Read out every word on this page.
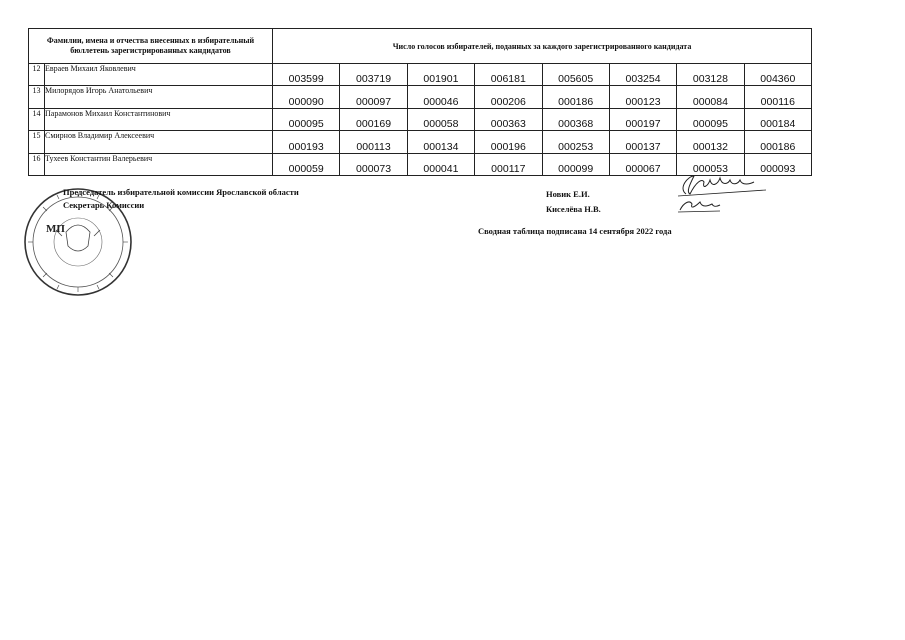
Фамилии, имена и отчества внесенных в избирательный бюллетень зарегистрированных кандидатов		Число голосов избирателей, поданных за каждого зарегистрированного кандидата							
12	Евраев Михаил Яковлевич	003599	003719	001901	006181	005605	003254	003128	004360
13	Милорядов Игорь Анатольевич	000090	000097	000046	000206	000186	000123	000084	000116
14	Парамонов Михаил Константинович	000095	000169	000058	000363	000368	000197	000095	000184
15	Смирнов Владимир Алексеевич	000193	000113	000134	000196	000253	000137	000132	000186
16	Тухеев Константин Валерьевич	000059	000073	000041	000117	000099	000067	000053	000093
МП
Председатель избирательной комиссии Ярославской области
Секретарь Комиссии
Новик Е.И.
Киселёва Н.В.
Сводная таблица подписана 14 сентября 2022 года
